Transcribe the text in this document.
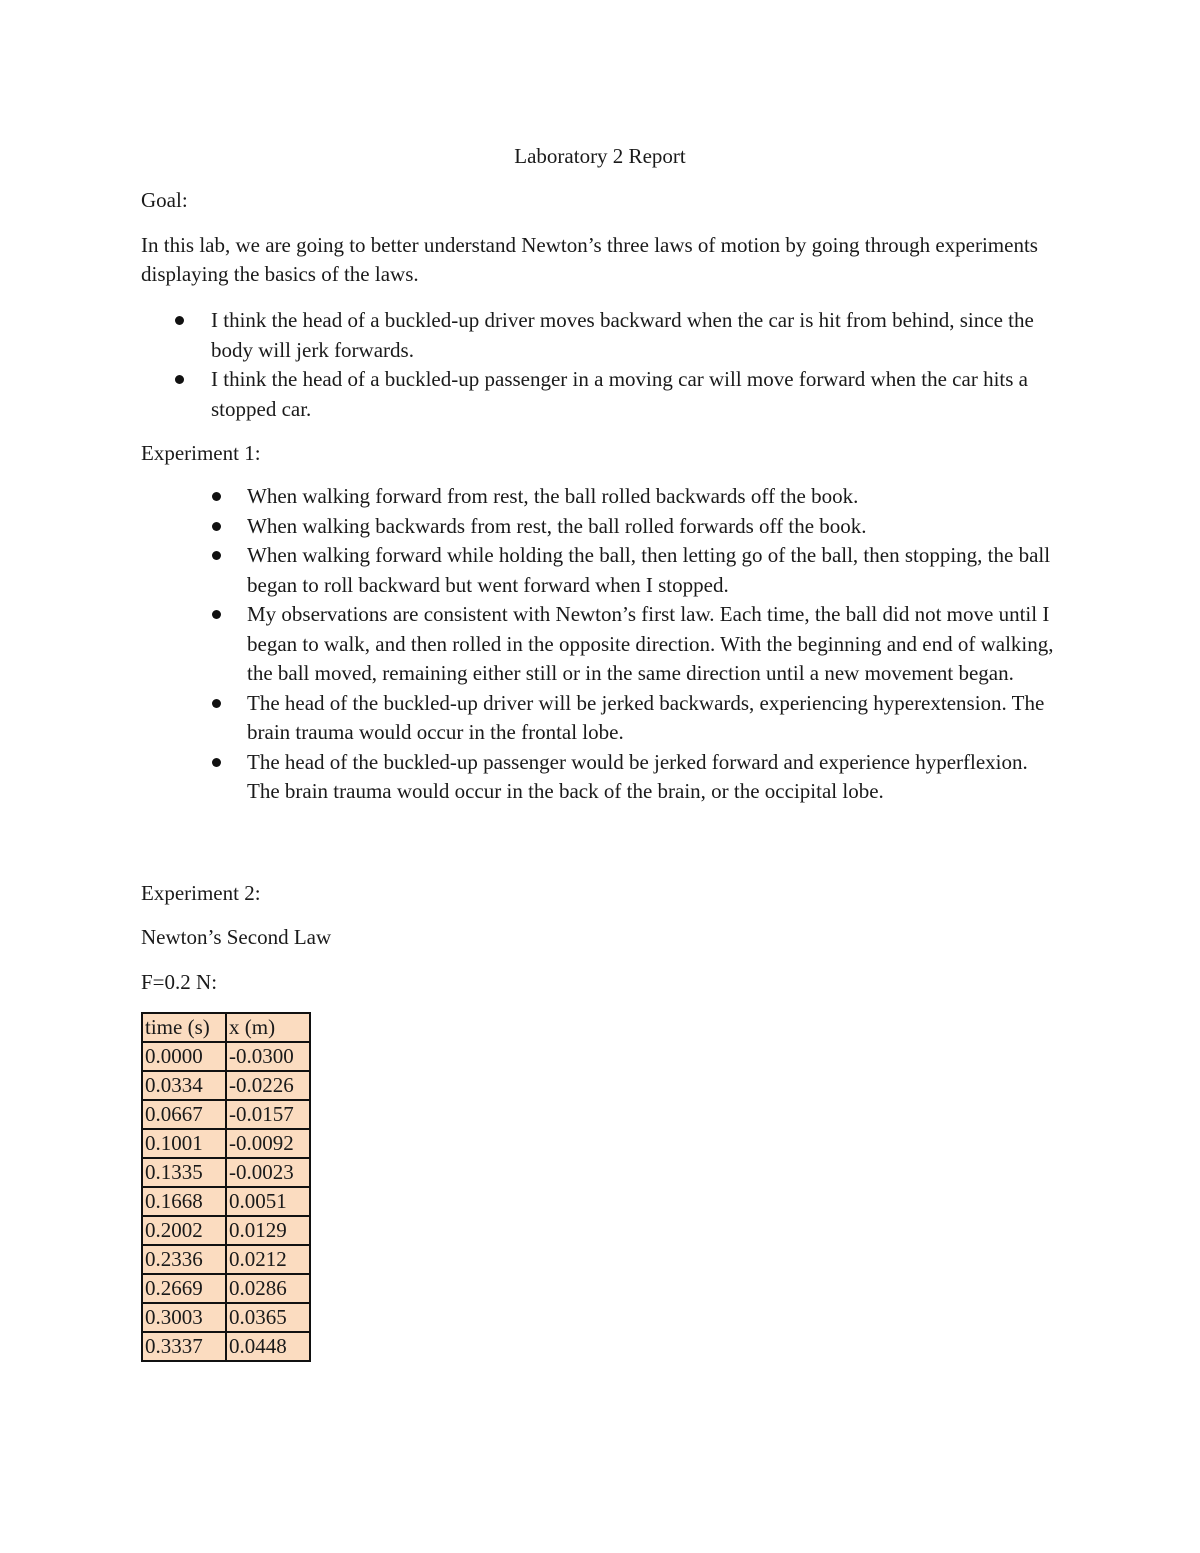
Laboratory 2 Report

Goal:

In this lab, we are going to better understand Newton’s three laws of motion by going through experiments displaying the basics of the laws.

I think the head of a buckled-up driver moves backward when the car is hit from behind, since the body will jerk forwards.
I think the head of a buckled-up passenger in a moving car will move forward when the car hits a stopped car.

Experiment 1:

When walking forward from rest, the ball rolled backwards off the book.
When walking backwards from rest, the ball rolled forwards off the book.
When walking forward while holding the ball, then letting go of the ball, then stopping, the ball began to roll backward but went forward when I stopped.
My observations are consistent with Newton’s first law. Each time, the ball did not move until I began to walk, and then rolled in the opposite direction. With the beginning and end of walking, the ball moved, remaining either still or in the same direction until a new movement began.
The head of the buckled-up driver will be jerked backwards, experiencing hyperextension. The brain trauma would occur in the frontal lobe.
The head of the buckled-up passenger would be jerked forward and experience hyperflexion. The brain trauma would occur in the back of the brain, or the occipital lobe.

Experiment 2:

Newton’s Second Law

F=0.2 N:

time (s)	x (m)
0.0000	-0.0300
0.0334	-0.0226
0.0667	-0.0157
0.1001	-0.0092
0.1335	-0.0023
0.1668	0.0051
0.2002	0.0129
0.2336	0.0212
0.2669	0.0286
0.3003	0.0365
0.3337	0.0448
